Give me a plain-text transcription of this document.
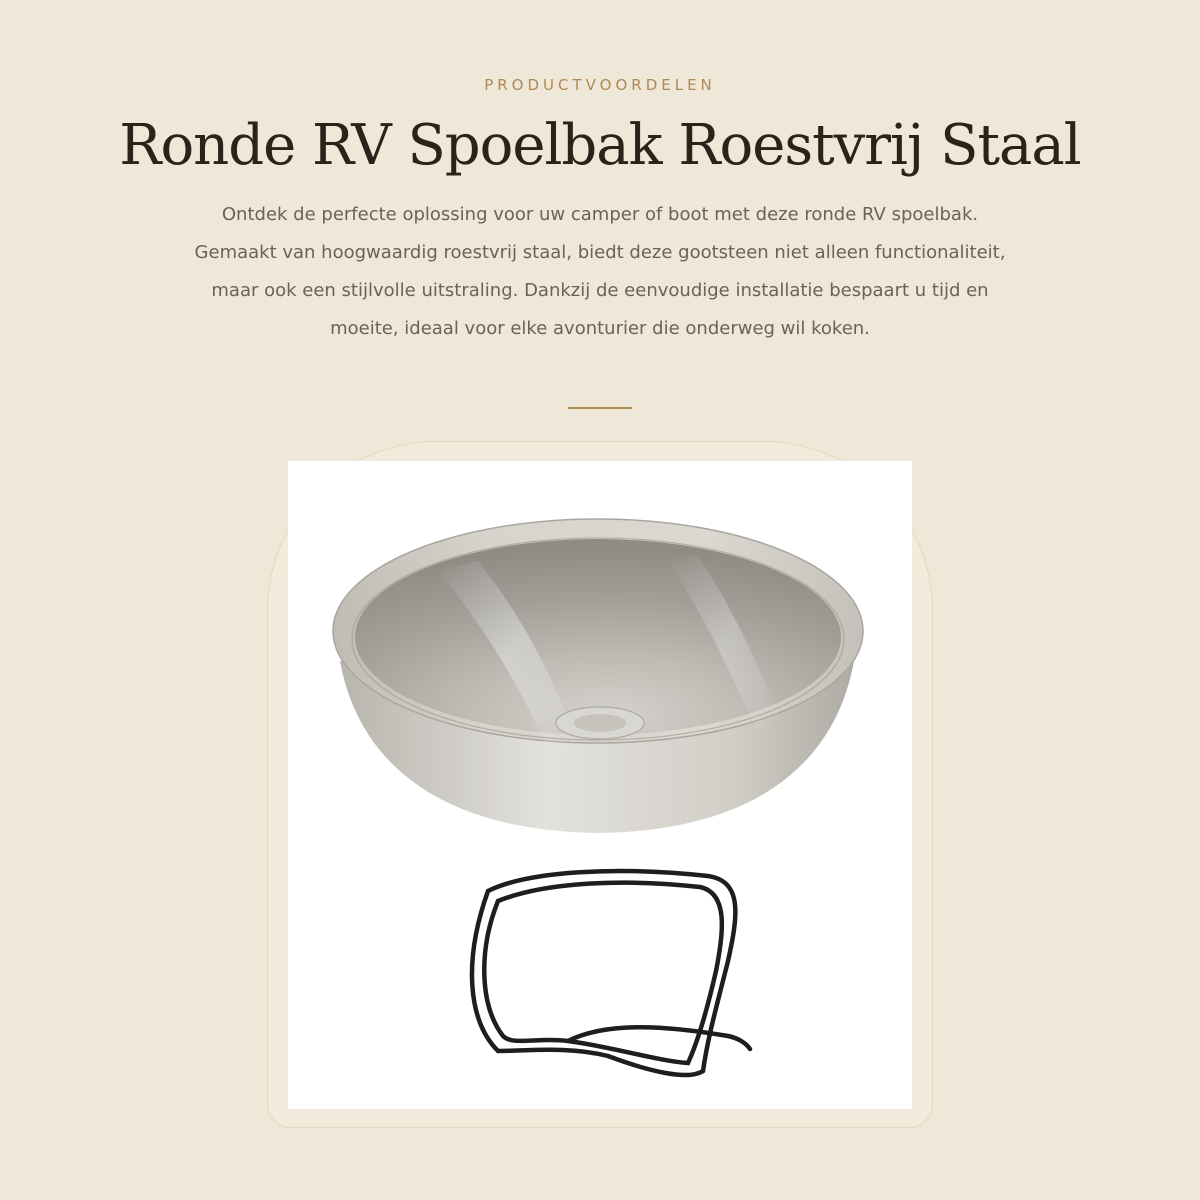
PRODUCTVOORDELEN
Ronde RV Spoelbak Roestvrij Staal

Ontdek de perfecte oplossing voor uw camper of boot met deze ronde RV spoelbak. Gemaakt van hoogwaardig roestvrij staal, biedt deze gootsteen niet alleen functionaliteit, maar ook een stijlvolle uitstraling. Dankzij de eenvoudige installatie bespaart u tijd en moeite, ideaal voor elke avonturier die onderweg wil koken.
